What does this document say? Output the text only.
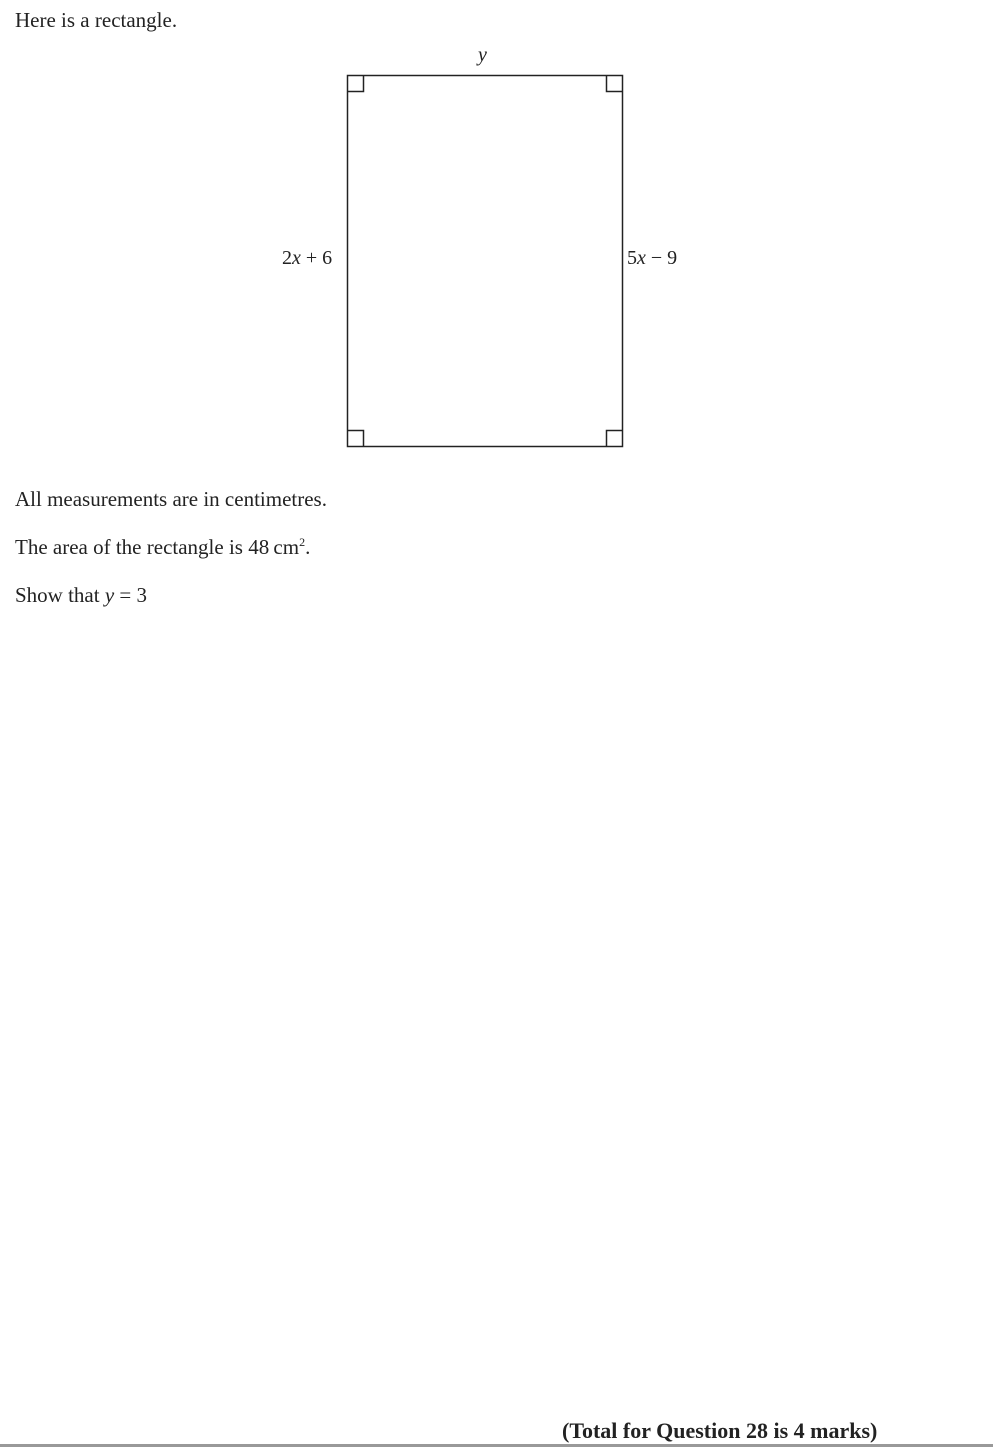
Here is a rectangle.
y
2x + 6	5x − 9
All measurements are in centimetres.
The area of the rectangle is 48 $cm^2$.
Show that y = 3
(Total for Question 28 is 4 marks)
